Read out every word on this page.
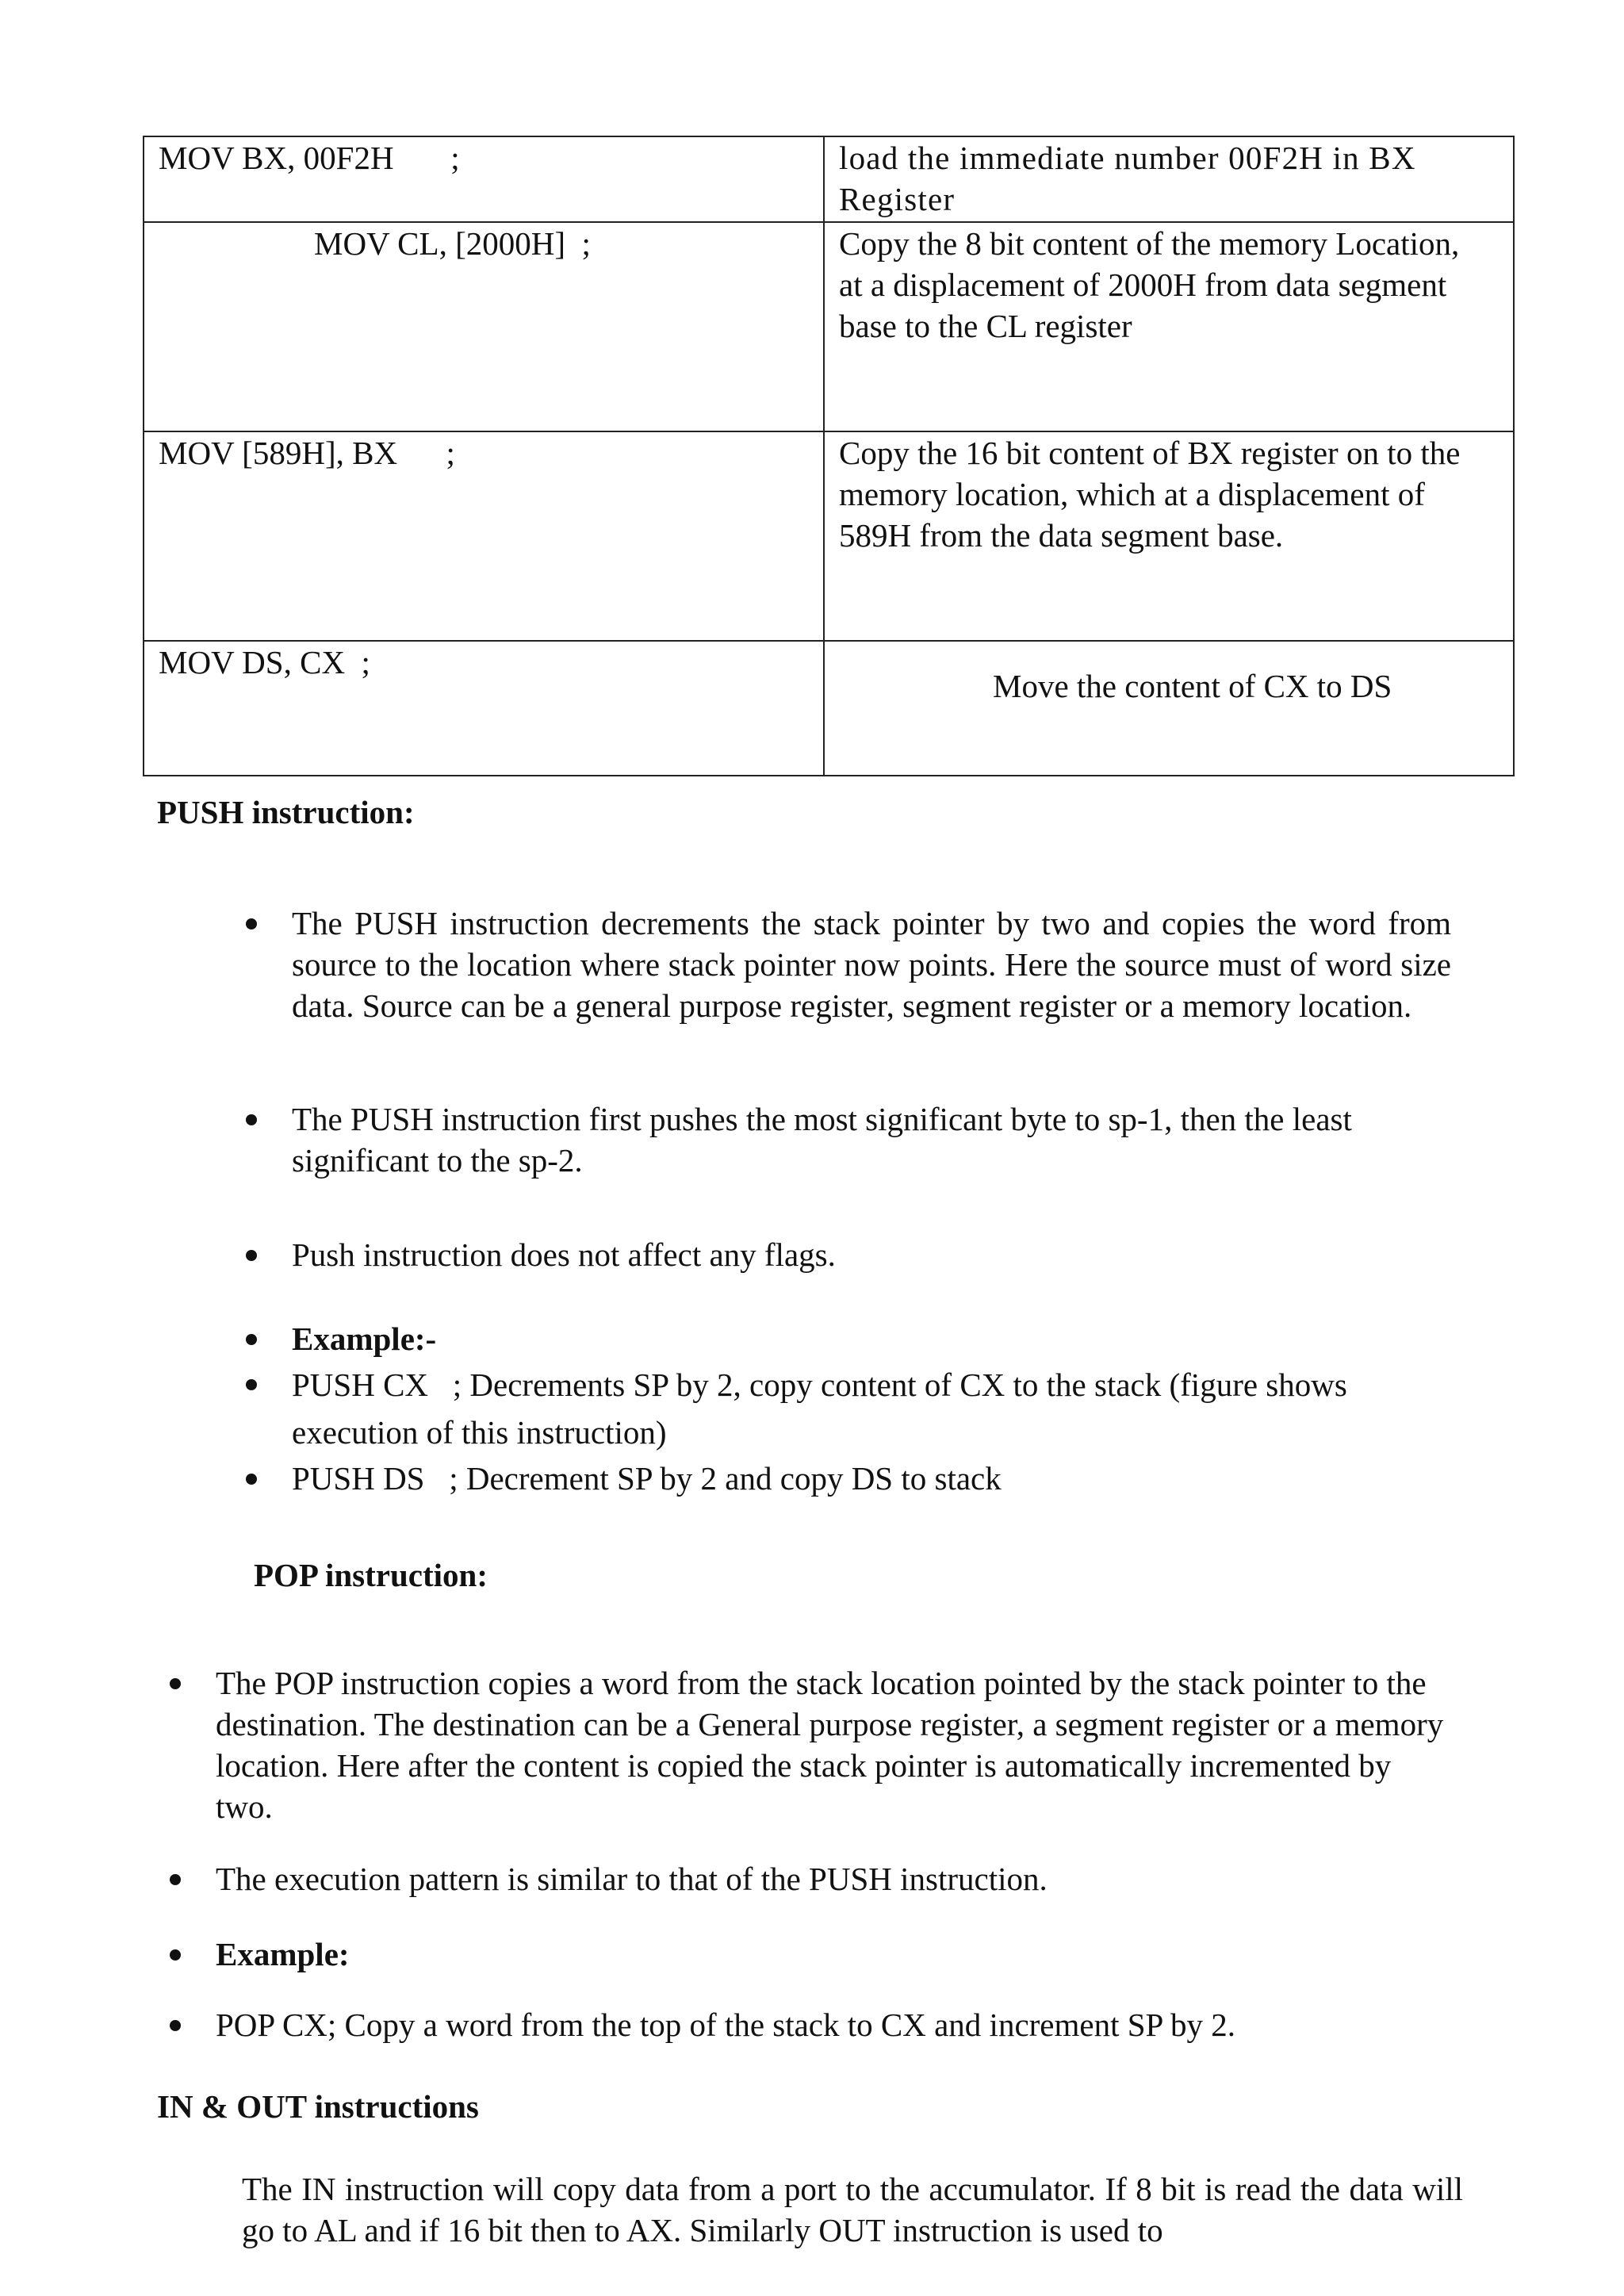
MOV BX, 00F2H       ;	load the immediate number 00F2H in BX Register
MOV CL, [2000H]  ;	Copy the 8 bit content of the memory Location, at a displacement of 2000H from data segment base to the CL register
MOV [589H], BX      ;	Copy the 16 bit content of BX register on to the memory location, which at a displacement of 589H from the data segment base.
MOV DS, CX  ;	Move the content of CX to DS
PUSH instruction:
The PUSH instruction decrements the stack pointer by two and copies the word from source to the location where stack pointer now points. Here the source must of word size data. Source can be a general purpose register, segment register or a memory location.
The PUSH instruction first pushes the most significant byte to sp-1, then the least significant to the sp-2.
Push instruction does not affect any flags.
Example:-
PUSH CX   ; Decrements SP by 2, copy content of CX to the stack (figure shows execution of this instruction)
PUSH DS   ; Decrement SP by 2 and copy DS to stack
POP instruction:
The POP instruction copies a word from the stack location pointed by the stack pointer to the destination. The destination can be a General purpose register, a segment register or a memory location. Here after the content is copied the stack pointer is automatically incremented by two.
The execution pattern is similar to that of the PUSH instruction.
Example:
POP CX; Copy a word from the top of the stack to CX and increment SP by 2.
IN & OUT instructions

The IN instruction will copy data from a port to the accumulator. If 8 bit is read the data will go to AL and if 16 bit then to AX. Similarly OUT instruction is used to
